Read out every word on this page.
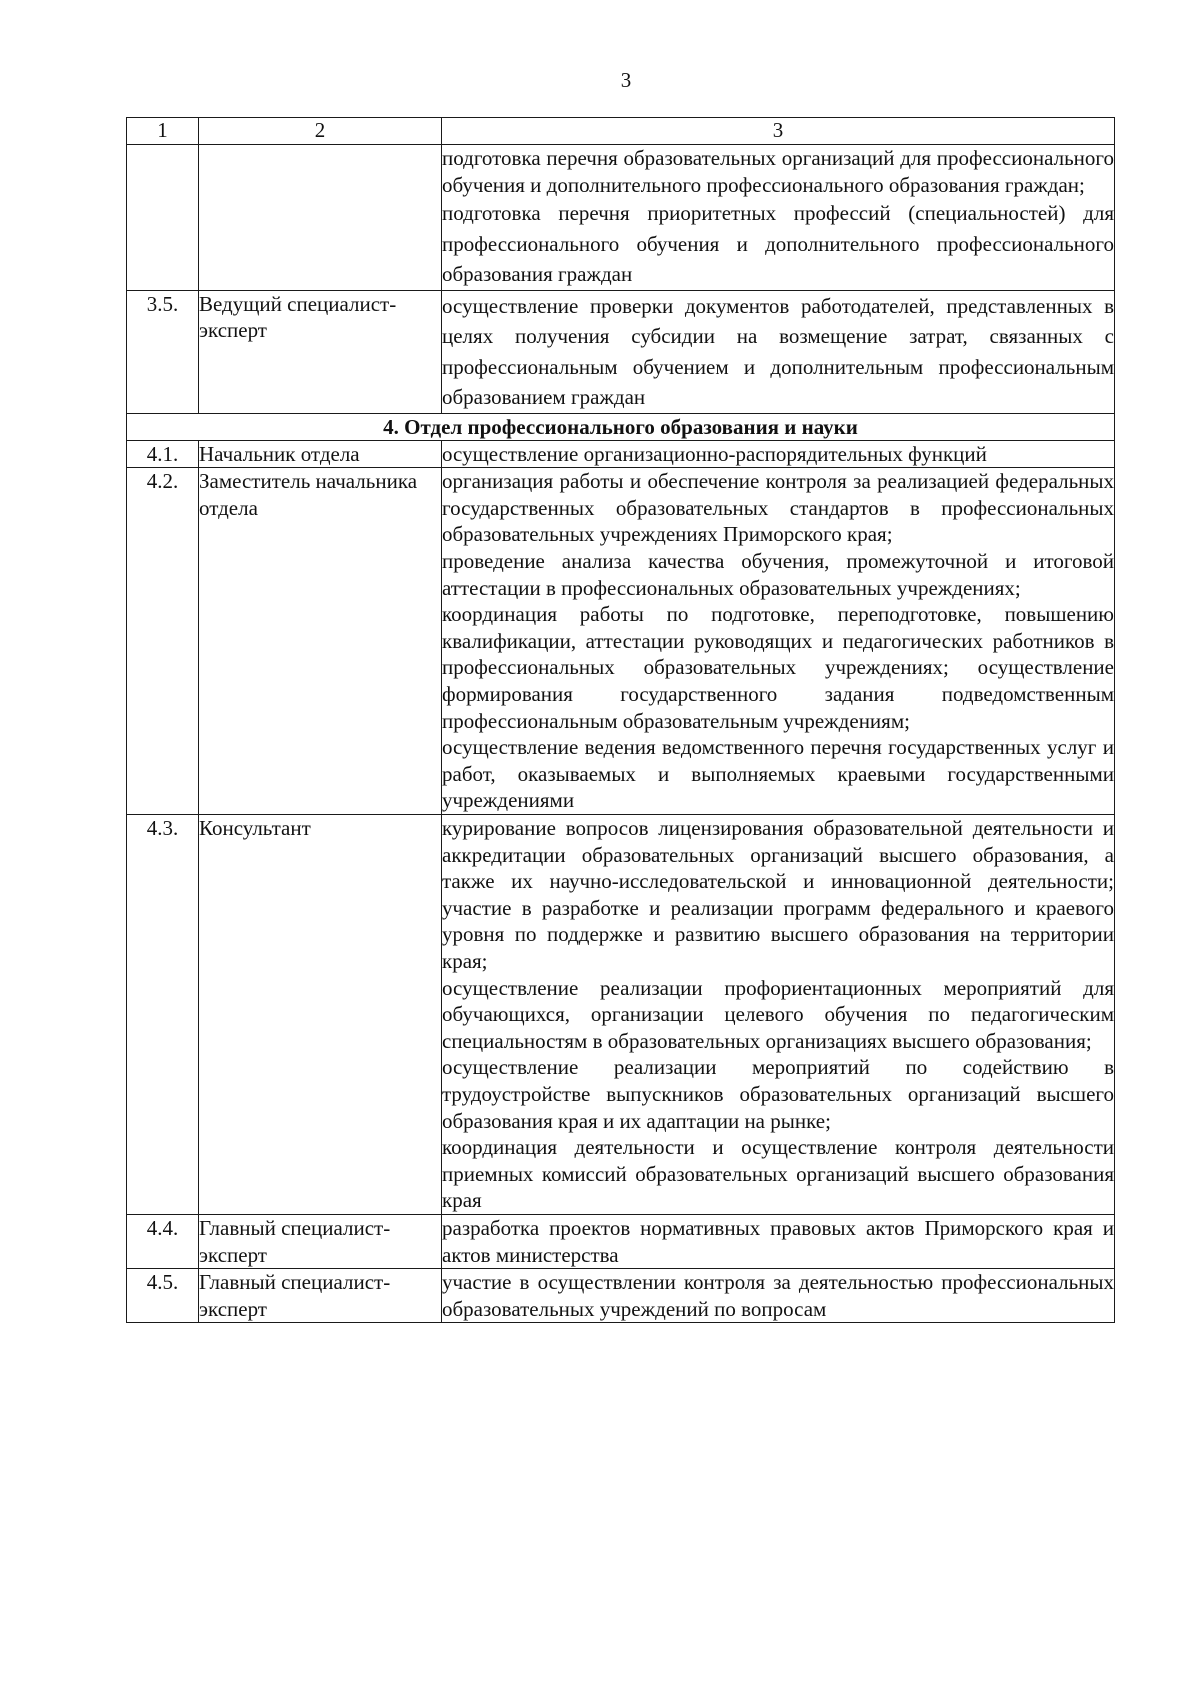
3
1	2	3

		подготовка перечня образовательных организаций для профессионального обучения и дополнительного профессионального образования граждан;
подготовка перечня приоритетных профессий (специальностей) для профессионального обучения и дополнительного профессионального образования граждан

3.5.	Ведущий специалист-эксперт	осуществление проверки документов работодателей, представленных в целях получения субсидии на возмещение затрат, связанных с профессиональным обучением и дополнительным профессиональным образованием граждан

4. Отдел профессионального образования и науки		
4.1.	Начальник отдела	осуществление организационно-распорядительных функций

4.2.	Заместитель начальника отдела	организация работы и обеспечение контроля за реализацией федеральных государственных образовательных стандартов в профессиональных образовательных учреждениях Приморского края;
проведение анализа качества обучения, промежуточной и итоговой аттестации в профессиональных образовательных учреждениях;
координация работы по подготовке, переподготовке, повышению квалификации, аттестации руководящих и педагогических работников в профессиональных образовательных учреждениях; осуществление формирования государственного задания подведомственным профессиональным образовательным учреждениям;
осуществление ведения ведомственного перечня государственных услуг и работ, оказываемых и выполняемых краевыми государственными учреждениями

4.3.	Консультант	курирование вопросов лицензирования образовательной деятельности и аккредитации образовательных организаций высшего образования, а также их научно-исследовательской и инновационной деятельности; участие в разработке и реализации программ федерального и краевого уровня по поддержке и развитию высшего образования на территории края;
осуществление реализации профориентационных мероприятий для обучающихся, организации целевого обучения по педагогическим специальностям в образовательных организациях высшего образования;
осуществление реализации мероприятий по содействию в трудоустройстве выпускников образовательных организаций высшего образования края и их адаптации на рынке;
координация деятельности и осуществление контроля деятельности приемных комиссий образовательных организаций высшего образования края

4.4.	Главный специалист-эксперт	разработка проектов нормативных правовых актов Приморского края и актов министерства

4.5.	Главный специалист-эксперт	участие в осуществлении контроля за деятельностью профессиональных образовательных учреждений по вопросам
